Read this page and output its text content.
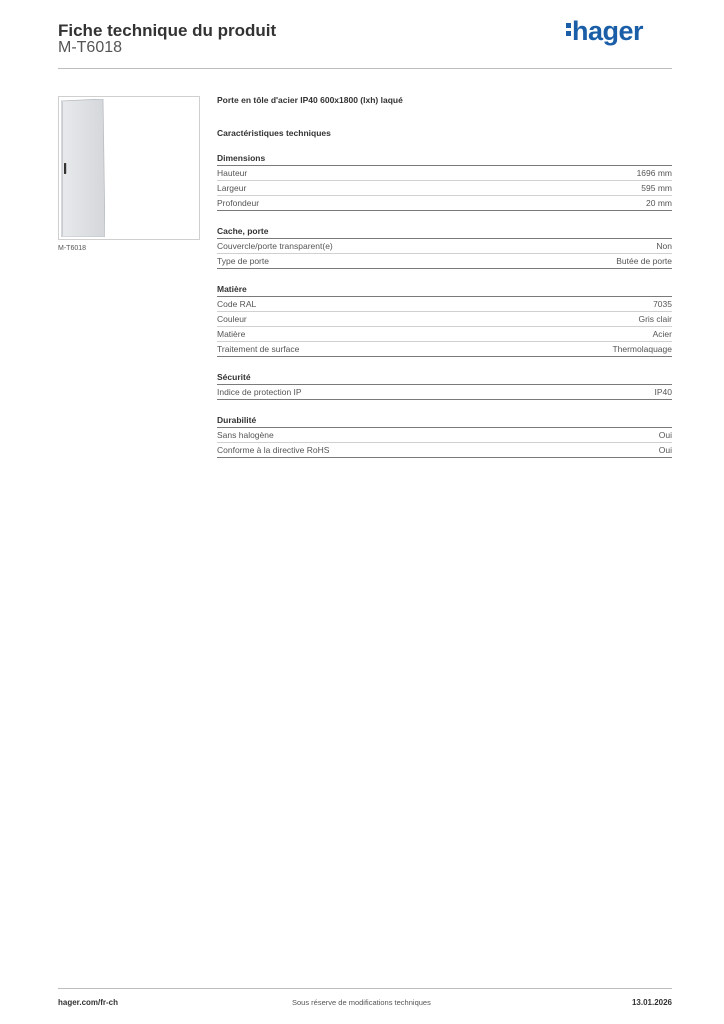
Fiche technique du produit
M-T6018
hager
M-T6018
Porte en tôle d'acier IP40 600x1800 (lxh) laqué
Caractéristiques techniques
Dimensions
Hauteur	1696 mm
Largeur	595 mm
Profondeur	20 mm
Cache, porte
Couvercle/porte transparent(e)	Non
Type de porte	Butée de porte
Matière
Code RAL	7035
Couleur	Gris clair
Matière	Acier
Traitement de surface	Thermolaquage
Sécurité
Indice de protection IP	IP40
Durabilité
Sans halogène	Oui
Conforme à la directive RoHS	Oui
hager.com/fr-ch	Sous réserve de modifications techniques	13.01.2026
